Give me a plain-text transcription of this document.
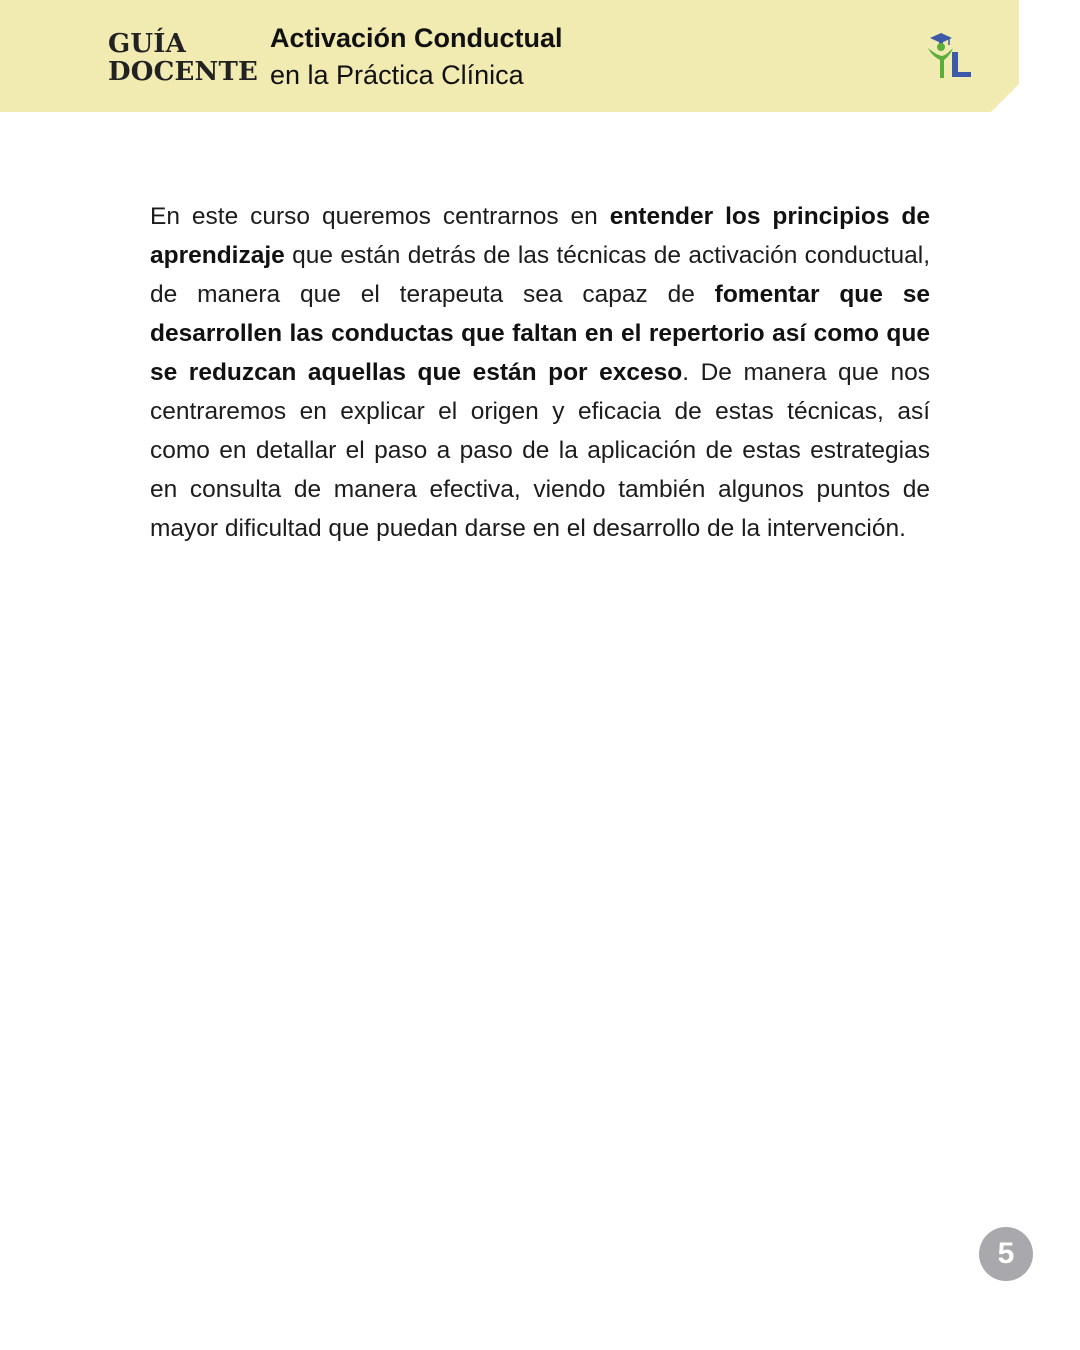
GUÍA
DOCENTE
Activación Conductual
en la Práctica Clínica

En este curso queremos centrarnos en entender los principios de aprendizaje que están detrás de las técnicas de activación conductual, de manera que el terapeuta sea capaz de fomentar que se desarrollen las conductas que faltan en el repertorio así como que se reduzcan aquellas que están por exceso. De manera que nos centraremos en explicar el origen y eficacia de estas técnicas, así como en detallar el paso a paso de la aplicación de estas estrategias en consulta de manera efectiva, viendo también algunos puntos de mayor dificultad que puedan darse en el desarrollo de la intervención.

5
